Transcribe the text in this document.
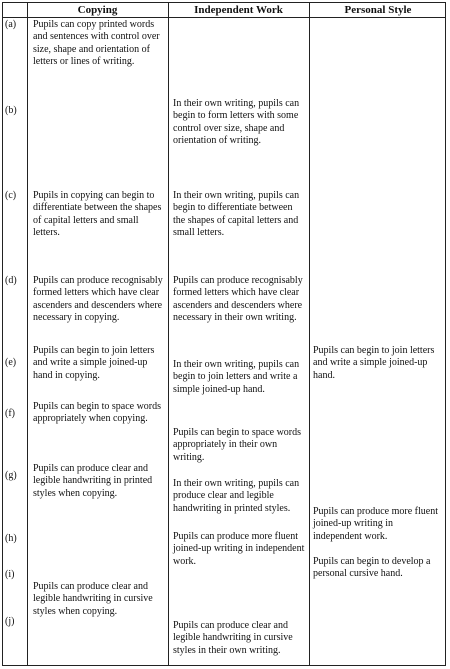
Copying	Independent Work	Personal Style
(a)
(b)
(c)
(d)
(e)
(f)
(g)
(h)
(i)
(j)
Pupils can copy printed words and sentences with control over size, shape and orientation of letters or lines of writing.
Pupils in copying can begin to differentiate between the shapes of capital letters and small letters.
Pupils can produce recognisably formed letters which have clear ascenders and descenders where necessary in copying.
Pupils can begin to join letters and write a simple joined-up hand in copying.
Pupils can begin to space words appropriately when copying.
Pupils can produce clear and legible handwriting in printed styles when copying.
Pupils can produce clear and legible handwriting in cursive styles when copying.
In their own writing, pupils can begin to form letters with some control over size, shape and orientation of writing.
In their own writing, pupils can begin to differentiate between the shapes of capital letters and small letters.
Pupils can produce recognisably formed letters which have clear ascenders and descenders where necessary in their own writing.
In their own writing, pupils can begin to join letters and write a simple joined-up hand.
Pupils can begin to space words appropriately in their own writing.
In their own writing, pupils can produce clear and legible handwriting in printed styles.
Pupils can produce more fluent joined-up writing in independent work.
Pupils can produce clear and legible handwriting in cursive styles in their own writing.
Pupils can begin to join letters and write a simple joined-up hand.
Pupils can produce more fluent joined-up writing in independent work.
Pupils can begin to develop a personal cursive hand.
